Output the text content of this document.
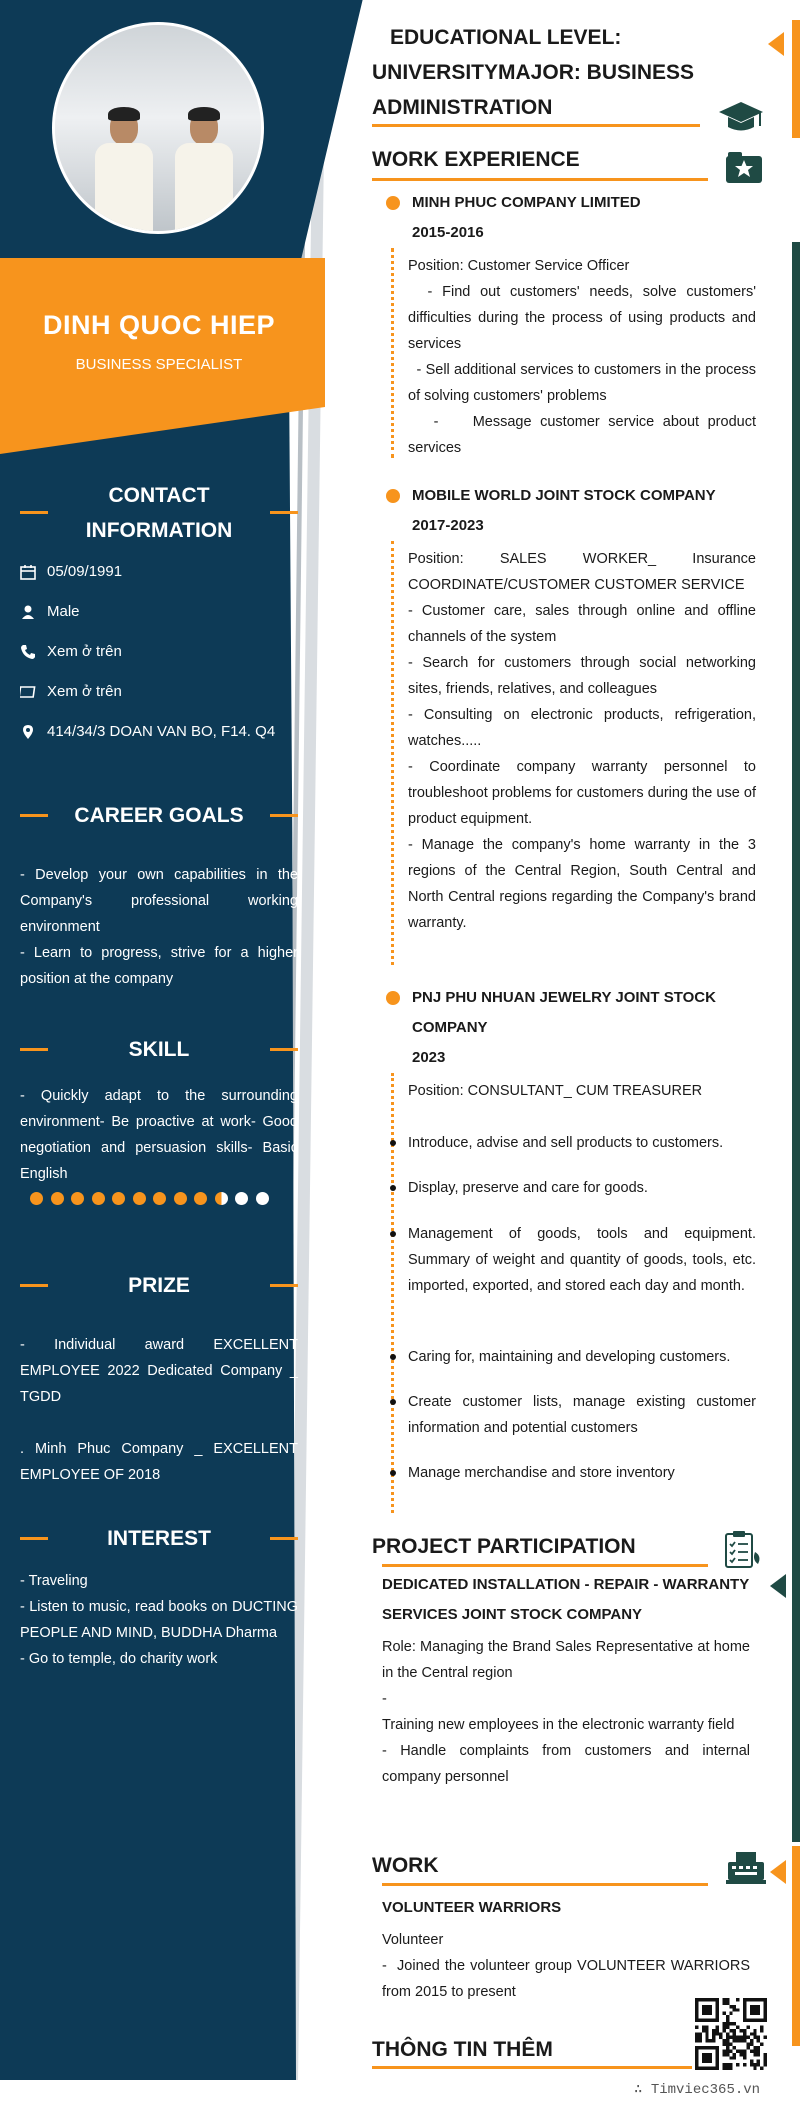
DINH QUOC HIEP
BUSINESS SPECIALIST
CONTACT INFORMATION
05/09/1991
Male
Xem ở trên
Xem ở trên
414/34/3 DOAN VAN BO, F14. Q4
CAREER GOALS
- Develop your own capabilities in the Company's professional working environment
- Learn to progress, strive for a higher position at the company
SKILL
- Quickly adapt to the surrounding environment- Be proactive at work- Good negotiation and persuasion skills- Basic English
PRIZE
- Individual award EXCELLENT EMPLOYEE 2022 Dedicated Company _ TGDD
. Minh Phuc Company _ EXCELLENT EMPLOYEE OF 2018
INTEREST
- Traveling
- Listen to music, read books on DUCTING PEOPLE AND MIND, BUDDHA Dharma
- Go to temple, do charity work
EDUCATIONAL LEVEL:
UNIVERSITYMAJOR: BUSINESS
ADMINISTRATION
WORK EXPERIENCE
MINH PHUC COMPANY LIMITED
2015-2016

Position: Customer Service Officer

- Find out customers' needs, solve customers' difficulties during the process of using products and services

- Sell additional services to customers in the process of solving customers' problems

-    Message customer service about product services

MOBILE WORLD JOINT STOCK COMPANY
2017-2023

Position: SALES WORKER_ Insurance COORDINATE/CUSTOMER CUSTOMER SERVICE

- Customer care, sales through online and offline channels of the system

- Search for customers through social networking sites, friends, relatives, and colleagues

- Consulting on electronic products, refrigeration, watches.....

- Coordinate company warranty personnel to troubleshoot problems for customers during the use of product equipment.

- Manage the company's home warranty in the 3 regions of the Central Region, South Central and North Central regions regarding the Company's brand warranty.

PNJ PHU NHUAN JEWELRY JOINT STOCK
COMPANY
2023
Position: CONSULTANT_ CUM TREASURER
Introduce, advise and sell products to customers.
Display, preserve and care for goods.
Management of goods, tools and equipment. Summary of weight and quantity of goods, tools, etc. imported, exported, and stored each day and month.
Caring for, maintaining and developing customers.
Create customer lists, manage existing customer information and potential customers
Manage merchandise and store inventory
PROJECT PARTICIPATION
DEDICATED INSTALLATION - REPAIR - WARRANTY
SERVICES JOINT STOCK COMPANY

Role: Managing the Brand Sales Representative at home in the Central region

-

Training new employees in the electronic warranty field

- Handle complaints from customers and internal company personnel

WORK
VOLUNTEER WARRIORS

Volunteer

-  Joined the volunteer group VOLUNTEER WARRIORS from 2015 to present

THÔNG TIN THÊM
∴ Timviec365.vn
